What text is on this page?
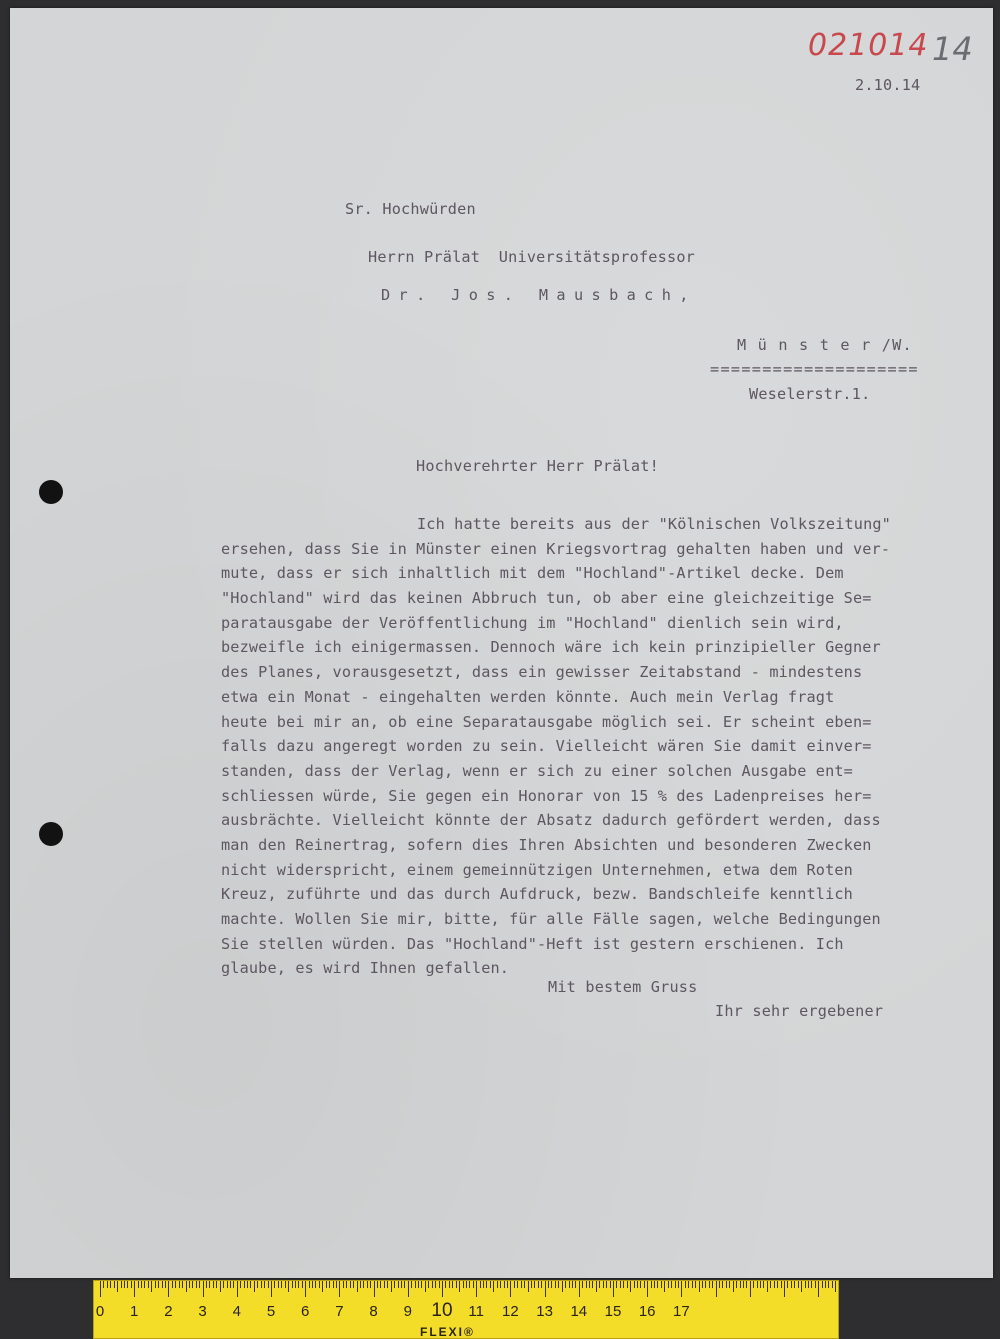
021014 14
2.10.14
Sr. Hochwürden
Herrn Prälat  Universitätsprofessor
Dr. Jos. Mausbach,
M ü n s t e r /W.
====================
Weselerstr.1.
Hochverehrter Herr Prälat!
Ich hatte bereits aus der "Kölnischen Volkszeitung"
ersehen, dass Sie in Münster einen Kriegsvortrag gehalten haben und ver-
mute, dass er sich inhaltlich mit dem "Hochland"-Artikel decke. Dem
"Hochland" wird das keinen Abbruch tun, ob aber eine gleichzeitige Se=
paratausgabe der Veröffentlichung im "Hochland" dienlich sein wird,
bezweifle ich einigermassen. Dennoch wäre ich kein prinzipieller Gegner
des Planes, vorausgesetzt, dass ein gewisser Zeitabstand - mindestens
etwa ein Monat - eingehalten werden könnte. Auch mein Verlag fragt
heute bei mir an, ob eine Separatausgabe möglich sei. Er scheint eben=
falls dazu angeregt worden zu sein. Vielleicht wären Sie damit einver=
standen, dass der Verlag, wenn er sich zu einer solchen Ausgabe ent=
schliessen würde, Sie gegen ein Honorar von 15 % des Ladenpreises her=
ausbrächte. Vielleicht könnte der Absatz dadurch gefördert werden, dass
man den Reinertrag, sofern dies Ihren Absichten und besonderen Zwecken
nicht widerspricht, einem gemeinnützigen Unternehmen, etwa dem Roten
Kreuz, zuführte und das durch Aufdruck, bezw. Bandschleife kenntlich
machte. Wollen Sie mir, bitte, für alle Fälle sagen, welche Bedingungen
Sie stellen würden. Das "Hochland"-Heft ist gestern erschienen. Ich
glaube, es wird Ihnen gefallen.
Mit bestem Gruss
Ihr sehr ergebener
FLEXI®
0 1 2 3 4 5 6 7 8 9 10 11 12 13 14 15 16 17
